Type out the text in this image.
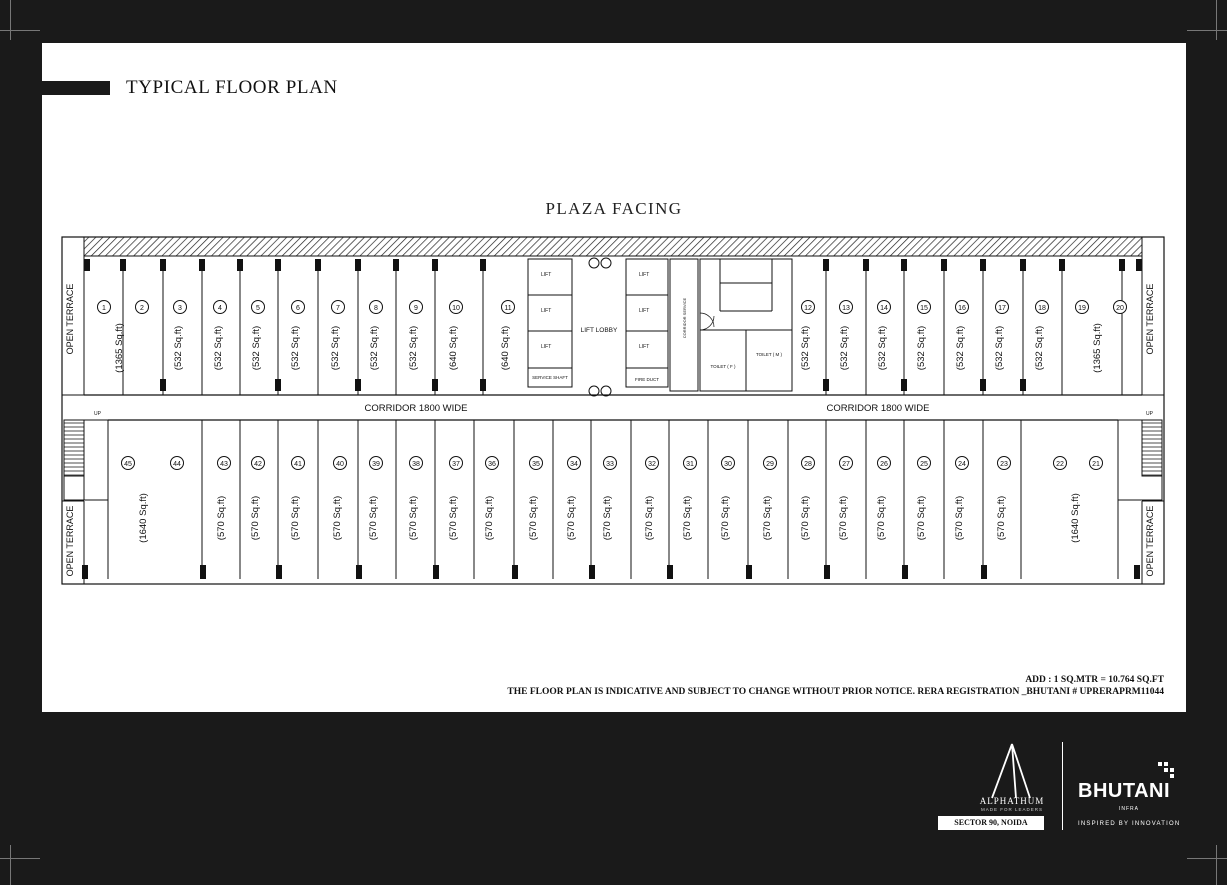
TYPICAL FLOOR PLAN
PLAZA FACING
1	2
(1365 Sq.ft)
3
(532 Sq.ft)
4
(532 Sq.ft)
5
(532 Sq.ft)
6
(532 Sq.ft)
7
(532 Sq.ft)
8
(532 Sq.ft)
9
(532 Sq.ft)
10
(640 Sq.ft)
11
(640 Sq.ft)
12
(532 Sq.ft)
13
(532 Sq.ft)
14
(532 Sq.ft)
15
(532 Sq.ft)
16
(532 Sq.ft)
17
(532 Sq.ft)
18
(532 Sq.ft)
19
(1365 Sq.ft)
20
45
(1640 Sq.ft)
44	43
(570 Sq.ft)
42
(570 Sq.ft)
41
(570 Sq.ft)
40
(570 Sq.ft)
39
(570 Sq.ft)
38
(570 Sq.ft)
37
(570 Sq.ft)
36
(570 Sq.ft)
35
(570 Sq.ft)
34
(570 Sq.ft)
33
(570 Sq.ft)
32
(570 Sq.ft)
31
(570 Sq.ft)
30
(570 Sq.ft)
29
(570 Sq.ft)
28
(570 Sq.ft)
27
(570 Sq.ft)
26
(570 Sq.ft)
25
(570 Sq.ft)
24
(570 Sq.ft)
23
(570 Sq.ft)
22
(1640 Sq.ft)
21
CORRIDOR 1800 WIDE	CORRIDOR 1800 WIDE
OPEN TERRACE
OPEN TERRACE
OPEN TERRACE
OPEN TERRACE
UP	UP
LIFT
LIFT
LIFT
LIFT
LIFT
LIFT
LIFT LOBBY
SERVICE SHAFT	FIRE DUCT
CORRIDOR SERVICE
TOILET ( F )
TOILET ( M )
ADD : 1 SQ.MTR = 10.764 SQ.FT
THE FLOOR PLAN IS INDICATIVE AND SUBJECT TO CHANGE WITHOUT PRIOR NOTICE. RERA REGISTRATION _BHUTANI # UPRERAPRM11044
ALPHATHUM
MADE FOR LEADERS
SECTOR 90, NOIDA
BHUTANI
INFRA
INSPIRED BY INNOVATION
